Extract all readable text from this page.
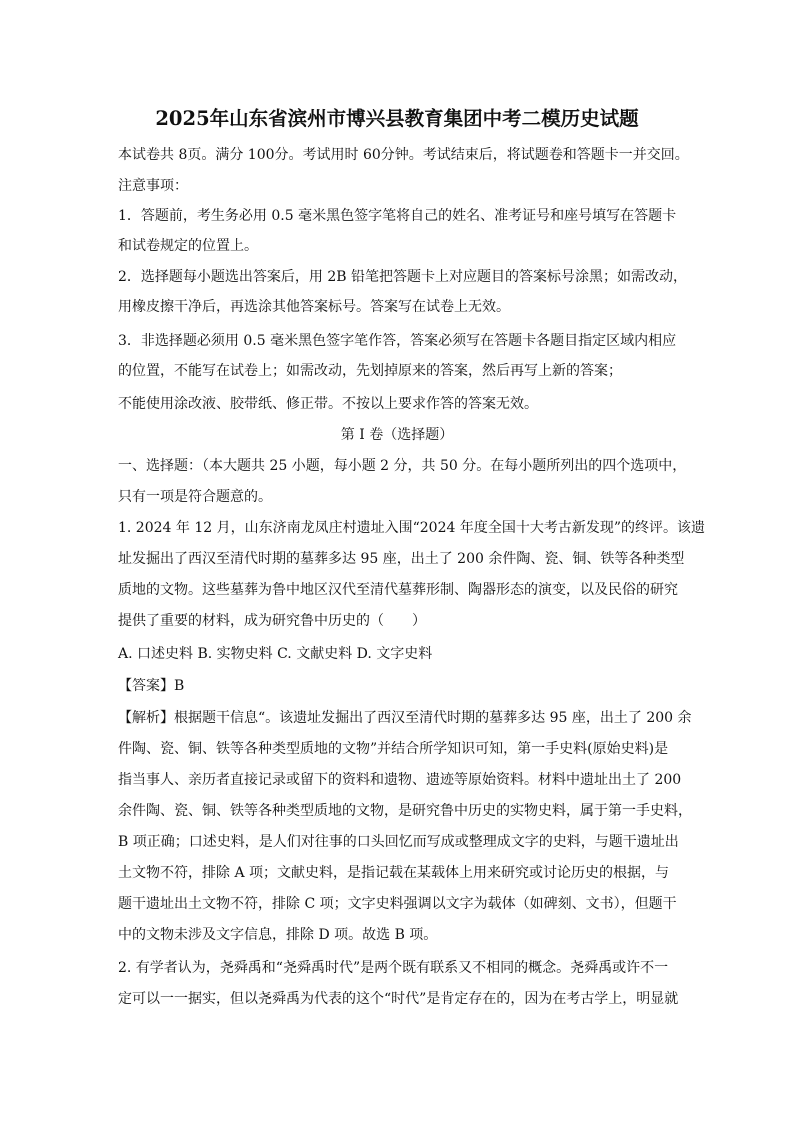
2025年山东省滨州市博兴县教育集团中考二模历史试题
本试卷共 8页。满分 100分。考试用时 60分钟。考试结束后，将试题卷和答题卡一并交回。
注意事项：
1．答题前，考生务必用 0.5 毫米黑色签字笔将自己的姓名、准考证号和座号填写在答题卡
和试卷规定的位置上。
2．选择题每小题选出答案后，用 2B 铅笔把答题卡上对应题目的答案标号涂黑；如需改动，
用橡皮擦干净后，再选涂其他答案标号。答案写在试卷上无效。
3．非选择题必须用 0.5 毫米黑色签字笔作答，答案必须写在答题卡各题目指定区域内相应
的位置，不能写在试卷上；如需改动，先划掉原来的答案，然后再写上新的答案；
不能使用涂改液、胶带纸、修正带。不按以上要求作答的答案无效。
第 I 卷（选择题）
一、选择题：（本大题共 25 小题，每小题 2 分，共 50 分。在每小题所列出的四个选项中，
只有一项是符合题意的。
1. 2024 年 12 月，山东济南龙凤庄村遗址入围“2024 年度全国十大考古新发现”的终评。该遗
址发掘出了西汉至清代时期的墓葬多达 95 座，出土了 200 余件陶、瓷、铜、铁等各种类型
质地的文物。这些墓葬为鲁中地区汉代至清代墓葬形制、陶器形态的演变，以及民俗的研究
提供了重要的材料，成为研究鲁中历史的（　　）
A. 口述史料 B. 实物史料 C. 文献史料 D. 文字史料
【答案】B
【解析】根据题干信息“。该遗址发掘出了西汉至清代时期的墓葬多达 95 座，出土了 200 余
件陶、瓷、铜、铁等各种类型质地的文物”并结合所学知识可知，第一手史料(原始史料)是
指当事人、亲历者直接记录或留下的资料和遗物、遗迹等原始资料。材料中遗址出土了 200
余件陶、瓷、铜、铁等各种类型质地的文物，是研究鲁中历史的实物史料，属于第一手史料，
B 项正确；口述史料，是人们对往事的口头回忆而写成或整理成文字的史料，与题干遗址出
土文物不符，排除 A 项；文献史料，是指记载在某载体上用来研究或讨论历史的根据，与
题干遗址出土文物不符，排除 C 项；文字史料强调以文字为载体（如碑刻、文书），但题干
中的文物未涉及文字信息，排除 D 项。故选 B 项。
2. 有学者认为，尧舜禹和“尧舜禹时代”是两个既有联系又不相同的概念。尧舜禹或许不一
定可以一一据实，但以尧舜禹为代表的这个“时代”是肯定存在的，因为在考古学上，明显就
